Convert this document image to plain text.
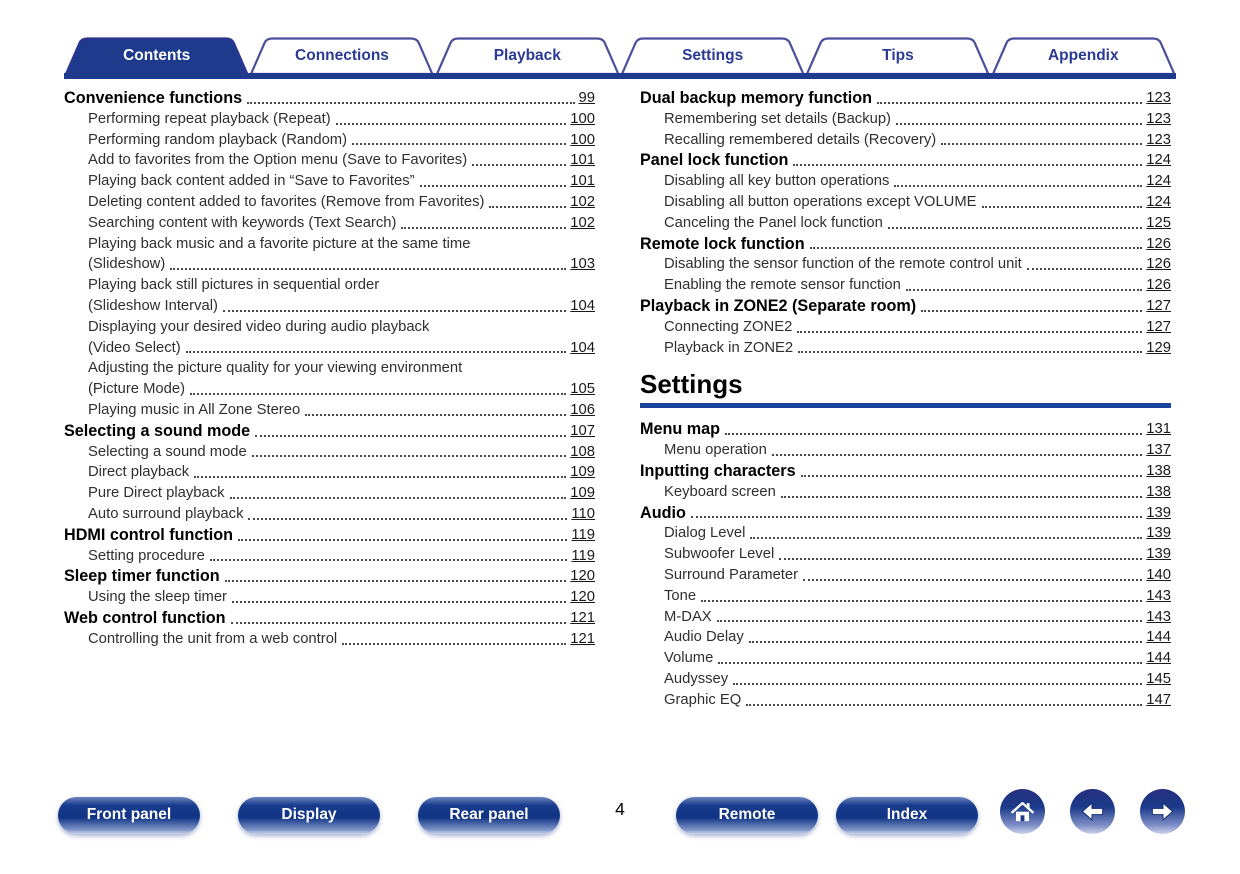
Contents	Connections	Playback	Settings	Tips	Appendix
Convenience functions	99
Performing repeat playback (Repeat)	100
Performing random playback (Random)	100
Add to favorites from the Option menu (Save to Favorites)	101
Playing back content added in “Save to Favorites”	101
Deleting content added to favorites (Remove from Favorites)	102
Searching content with keywords (Text Search)	102
Playing back music and a favorite picture at the same time
(Slideshow)	103
Playing back still pictures in sequential order
(Slideshow Interval)	104
Displaying your desired video during audio playback
(Video Select)	104
Adjusting the picture quality for your viewing environment
(Picture Mode)	105
Playing music in All Zone Stereo	106
Selecting a sound mode	107
Selecting a sound mode	108
Direct playback	109
Pure Direct playback	109
Auto surround playback	110
HDMI control function	119
Setting procedure	119
Sleep timer function	120
Using the sleep timer	120
Web control function	121
Controlling the unit from a web control	121
Dual backup memory function	123
Remembering set details (Backup)	123
Recalling remembered details (Recovery)	123
Panel lock function	124
Disabling all key button operations	124
Disabling all button operations except VOLUME	124
Canceling the Panel lock function	125
Remote lock function	126
Disabling the sensor function of the remote control unit	126
Enabling the remote sensor function	126
Playback in ZONE2 (Separate room)	127
Connecting ZONE2	127
Playback in ZONE2	129
Settings
Menu map	131
Menu operation	137
Inputting characters	138
Keyboard screen	138
Audio	139
Dialog Level	139
Subwoofer Level	139
Surround Parameter	140
Tone	143
M-DAX	143
Audio Delay	144
Volume	144
Audyssey	145
Graphic EQ	147
4
Front panel	Display	Rear panel	Remote	Index
